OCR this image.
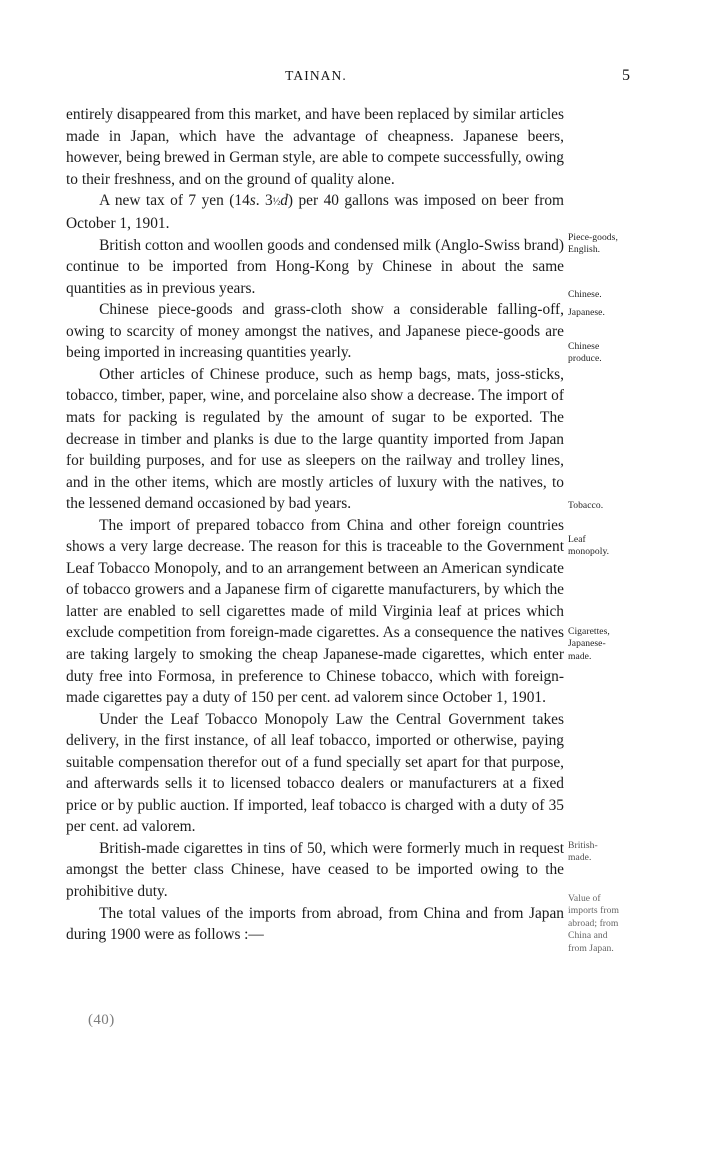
TAINAN.	5

entirely disappeared from this market, and have been replaced by similar articles made in Japan, which have the advantage of cheapness. Japanese beers, however, being brewed in German style, are able to compete successfully, owing to their freshness, and on the ground of quality alone.

A new tax of 7 yen (14s. 3½d) per 40 gallons was imposed on beer from October 1, 1901.

British cotton and woollen goods and condensed milk (Anglo-Swiss brand) continue to be imported from Hong-Kong by Chinese in about the same quantities as in previous years.

Chinese piece-goods and grass-cloth show a considerable falling-off, owing to scarcity of money amongst the natives, and Japanese piece-goods are being imported in increasing quantities yearly.

Other articles of Chinese produce, such as hemp bags, mats, joss-sticks, tobacco, timber, paper, wine, and porcelaine also show a decrease. The import of mats for packing is regulated by the amount of sugar to be exported. The decrease in timber and planks is due to the large quantity imported from Japan for building purposes, and for use as sleepers on the railway and trolley lines, and in the other items, which are mostly articles of luxury with the natives, to the lessened demand occasioned by bad years.

The import of prepared tobacco from China and other foreign countries shows a very large decrease. The reason for this is traceable to the Government Leaf Tobacco Monopoly, and to an arrangement between an American syndicate of tobacco growers and a Japanese firm of cigarette manufacturers, by which the latter are enabled to sell cigarettes made of mild Virginia leaf at prices which exclude competition from foreign-made cigarettes. As a consequence the natives are taking largely to smoking the cheap Japanese-made cigarettes, which enter duty free into Formosa, in preference to Chinese tobacco, which with foreign-made cigarettes pay a duty of 150 per cent. ad valorem since October 1, 1901.

Under the Leaf Tobacco Monopoly Law the Central Government takes delivery, in the first instance, of all leaf tobacco, imported or otherwise, paying suitable compensation therefor out of a fund specially set apart for that purpose, and afterwards sells it to licensed tobacco dealers or manufacturers at a fixed price or by public auction. If imported, leaf tobacco is charged with a duty of 35 per cent. ad valorem.

British-made cigarettes in tins of 50, which were formerly much in request amongst the better class Chinese, have ceased to be imported owing to the prohibitive duty.

The total values of the imports from abroad, from China and from Japan during 1900 were as follows :—

Piece-goods,
English.
Chinese.
Japanese.
Chinese
produce.
Tobacco.
Leaf
monopoly.
Cigarettes,
Japanese-
made.
British-
made.
Value of
imports from
abroad; from
China and
from Japan.
(40)
